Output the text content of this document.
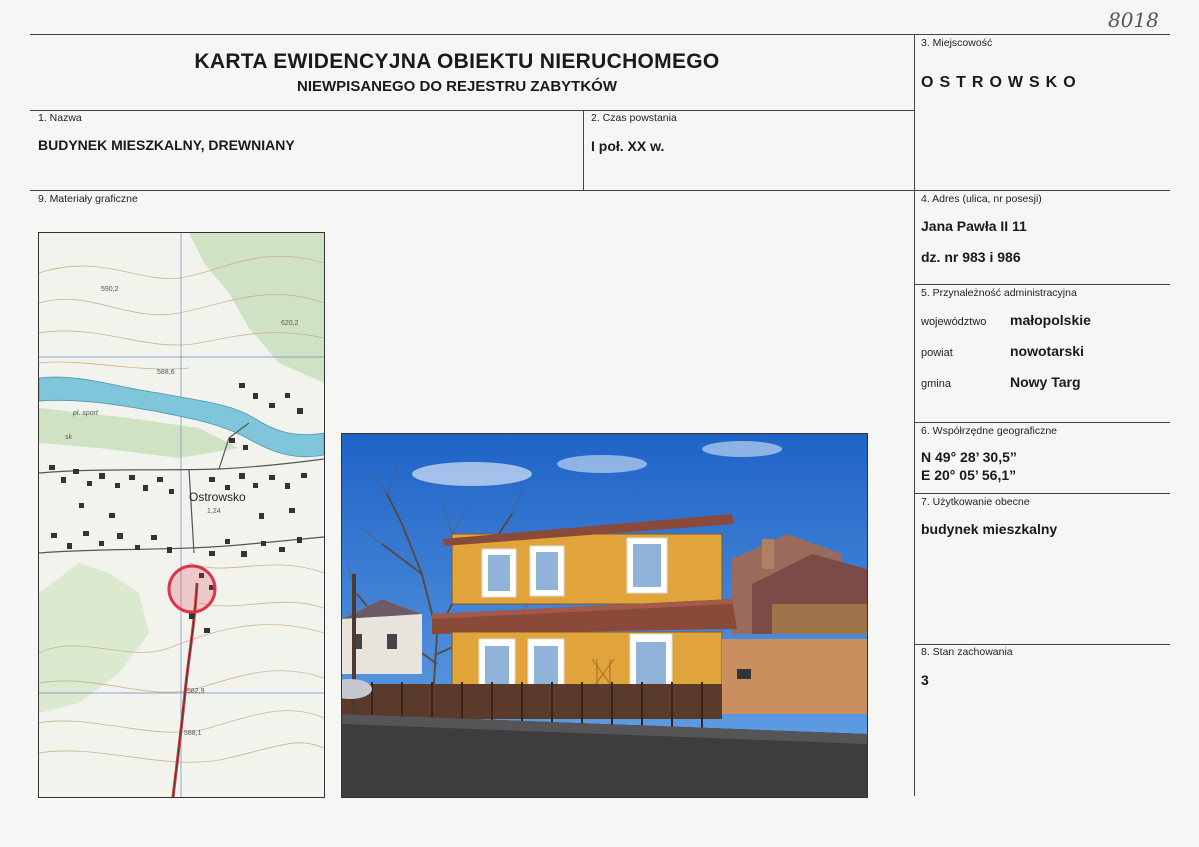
8018
KARTA EWIDENCYJNA OBIEKTU NIERUCHOMEGO
NIEWPISANEGO DO REJESTRU ZABYTKÓW
1. Nazwa
BUDYNEK MIESZKALNY, DREWNIANY
2. Czas powstania
I poł. XX w.
3. Miejscowość
OSTROWSKO
4. Adres (ulica, nr posesji)
Jana Pawła II 11
dz. nr 983 i 986
5. Przynależność administracyjna
województwo małopolskie
powiat	nowotarski
gmina	Nowy Targ
6. Współrzędne geograficzne
N 49° 28’ 30,5”
E 20° 05’ 56,1”
7. Użytkowanie obecne
budynek mieszkalny
8. Stan zachowania
3
9. Materiały graficzne
Ostrowsko
590,2
620,2
588,6
582,9
588,1
1,24
pl. sport
sk
